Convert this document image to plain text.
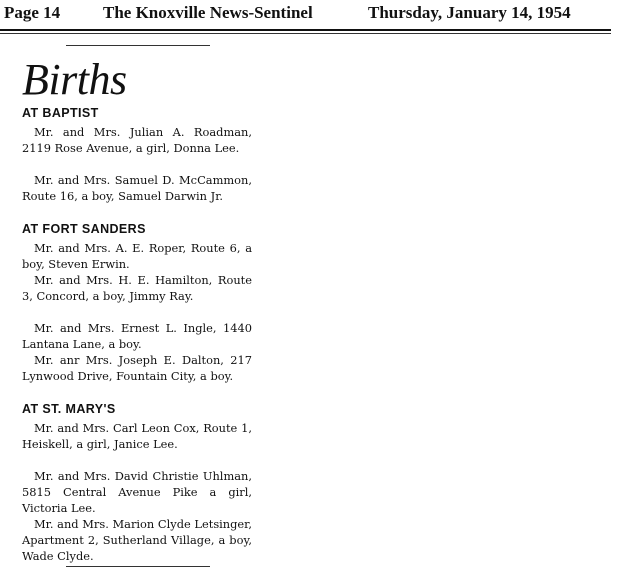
Page 14	The Knoxville News-Sentinel	Thursday, January 14, 1954
Births
AT BAPTIST
Mr. and Mrs. Julian A. Roadman, 2119 Rose Avenue, a girl, Donna Lee.
Mr. and Mrs. Samuel D. McCammon, Route 16, a boy, Samuel Darwin Jr.
AT FORT SANDERS
Mr. and Mrs. A. E. Roper, Route 6, a boy, Steven Erwin.
Mr. and Mrs. H. E. Hamilton, Route 3, Concord, a boy, Jimmy Ray.
Mr. and Mrs. Ernest L. Ingle, 1440 Lantana Lane, a boy.
Mr. anr Mrs. Joseph E. Dalton, 217 Lynwood Drive, Fountain City, a boy.
AT ST. MARY'S
Mr. and Mrs. Carl Leon Cox, Route 1, Heiskell, a girl, Janice Lee.
Mr. and Mrs. David Christie Uhlman, 5815 Central Avenue Pike a girl, Victoria Lee.
Mr. and Mrs. Marion Clyde Letsinger, Apartment 2, Sutherland Village, a boy, Wade Clyde.
